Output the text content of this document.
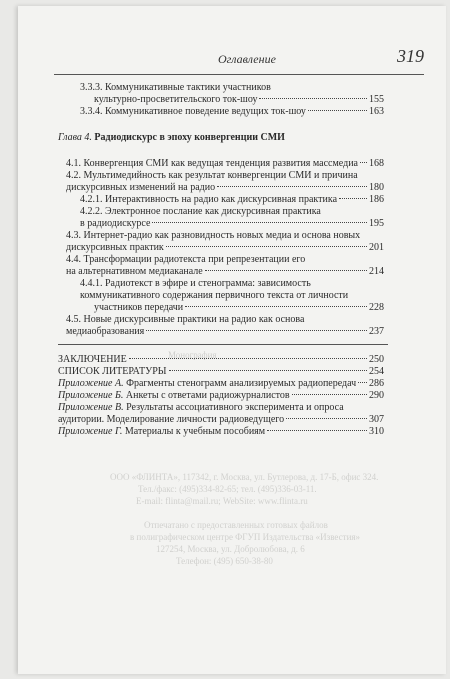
Оглавление	319
Монография
ООО «ФЛИНТА», 117342, г. Москва, ул. Бутлерова, д. 17-Б, офис 324.
Тел./факс: (495)334-82-65; тел. (495)336-03-11.
E-mail: flinta@mail.ru; WebSite: www.flinta.ru
Отпечатано с предоставленных готовых файлов
в полиграфическом центре ФГУП Издательства «Известия»
127254, Москва, ул. Добролюбова, д. 6
Телефон: (495) 650-38-80
3.3.3. Коммуникативные тактики участников
культурно-просветительского ток-шоу	155
3.3.4. Коммуникативное поведение ведущих ток-шоу	163
Глава 4. Радиодискурс в эпоху конвергенции СМИ
4.1. Конвергенция СМИ как ведущая тенденция развития массмедиа 168
4.2. Мультимедийность как результат конвергенции СМИ и причина
дискурсивных изменений на радио	180
4.2.1. Интерактивность на радио как дискурсивная практика	186
4.2.2. Электронное послание как дискурсивная практика
в радиодискурсе	195
4.3. Интернет-радио как разновидность новых медиа и основа новых
дискурсивных практик	201
4.4. Трансформации радиотекста при репрезентации его
на альтернативном медиаканале	214
4.4.1. Радиотекст в эфире и стенограмма: зависимость
коммуникативного содержания первичного текста от личности
участников передачи	228
4.5. Новые дискурсивные практики на радио как основа
медиаобразования	237
ЗАКЛЮЧЕНИЕ	250
СПИСОК ЛИТЕРАТУРЫ	254
Приложение А. Фрагменты стенограмм анализируемых радиопередач 286
Приложение Б. Анкеты с ответами радиожурналистов	290
Приложение В. Результаты ассоциативного эксперимента и опроса
аудитории. Моделирование личности радиоведущего	307
Приложение Г. Материалы к учебным пособиям	310
